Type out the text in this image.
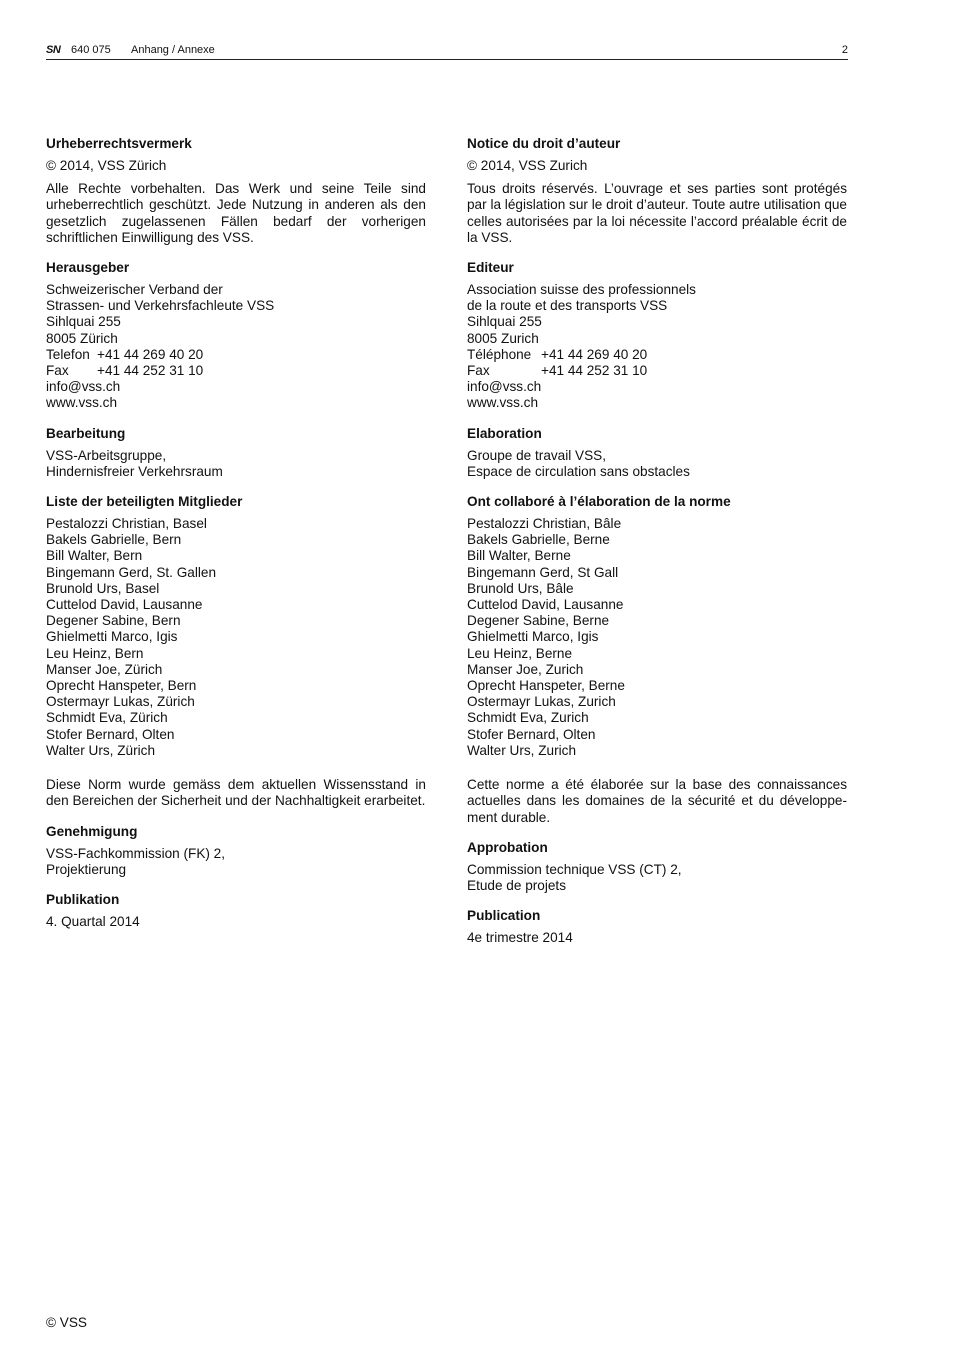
SN 640 075 Anhang / Annexe	2
Urheberrechtsvermerk

© 2014, VSS Zürich

Alle Rechte vorbehalten. Das Werk und seine Teile sind urheberrechtlich geschützt. Jede Nutzung in anderen als den gesetzlich zugelassenen Fällen bedarf der vorherigen schriftlichen Einwilligung des VSS.

Herausgeber
Schweizerischer Verband der
Strassen- und Verkehrsfachleute VSS
Sihlquai 255
8005 Zürich
Telefon +41 44 269 40 20
Fax +41 44 252 31 10
info@vss.ch
www.vss.ch
Bearbeitung
VSS-Arbeitsgruppe,
Hindernisfreier Verkehrsraum
Liste der beteiligten Mitglieder
Pestalozzi Christian, Basel
Bakels Gabrielle, Bern
Bill Walter, Bern
Bingemann Gerd, St. Gallen
Brunold Urs, Basel
Cuttelod David, Lausanne
Degener Sabine, Bern
Ghielmetti Marco, Igis
Leu Heinz, Bern
Manser Joe, Zürich
Oprecht Hanspeter, Bern
Ostermayr Lukas, Zürich
Schmidt Eva, Zürich
Stofer Bernard, Olten
Walter Urs, Zürich

Diese Norm wurde gemäss dem aktuellen Wissensstand in den Bereichen der Sicherheit und der Nachhaltigkeit erarbeitet.

Genehmigung
VSS-Fachkommission (FK) 2,
Projektierung
Publikation
4. Quartal 2014
Notice du droit d’auteur

© 2014, VSS Zurich

Tous droits réservés. L’ouvrage et ses parties sont protégés par la législation sur le droit d’auteur. Toute autre utilisation que celles autorisées par la loi nécessite l’accord préalable écrit de la VSS.

Editeur
Association suisse des professionnels
de la route et des transports VSS
Sihlquai 255
8005 Zurich
Téléphone +41 44 269 40 20
Fax	+41 44 252 31 10
info@vss.ch
www.vss.ch
Elaboration
Groupe de travail VSS,
Espace de circulation sans obstacles
Ont collaboré à l’élaboration de la norme
Pestalozzi Christian, Bâle
Bakels Gabrielle, Berne
Bill Walter, Berne
Bingemann Gerd, St Gall
Brunold Urs, Bâle
Cuttelod David, Lausanne
Degener Sabine, Berne
Ghielmetti Marco, Igis
Leu Heinz, Berne
Manser Joe, Zurich
Oprecht Hanspeter, Berne
Ostermayr Lukas, Zurich
Schmidt Eva, Zurich
Stofer Bernard, Olten
Walter Urs, Zurich

Cette norme a été élaborée sur la base des connaissances actuelles dans les domaines de la sécurité et du développement durable.

Approbation
Commission technique VSS (CT) 2,
Etude de projets
Publication
4e trimestre 2014
© VSS
